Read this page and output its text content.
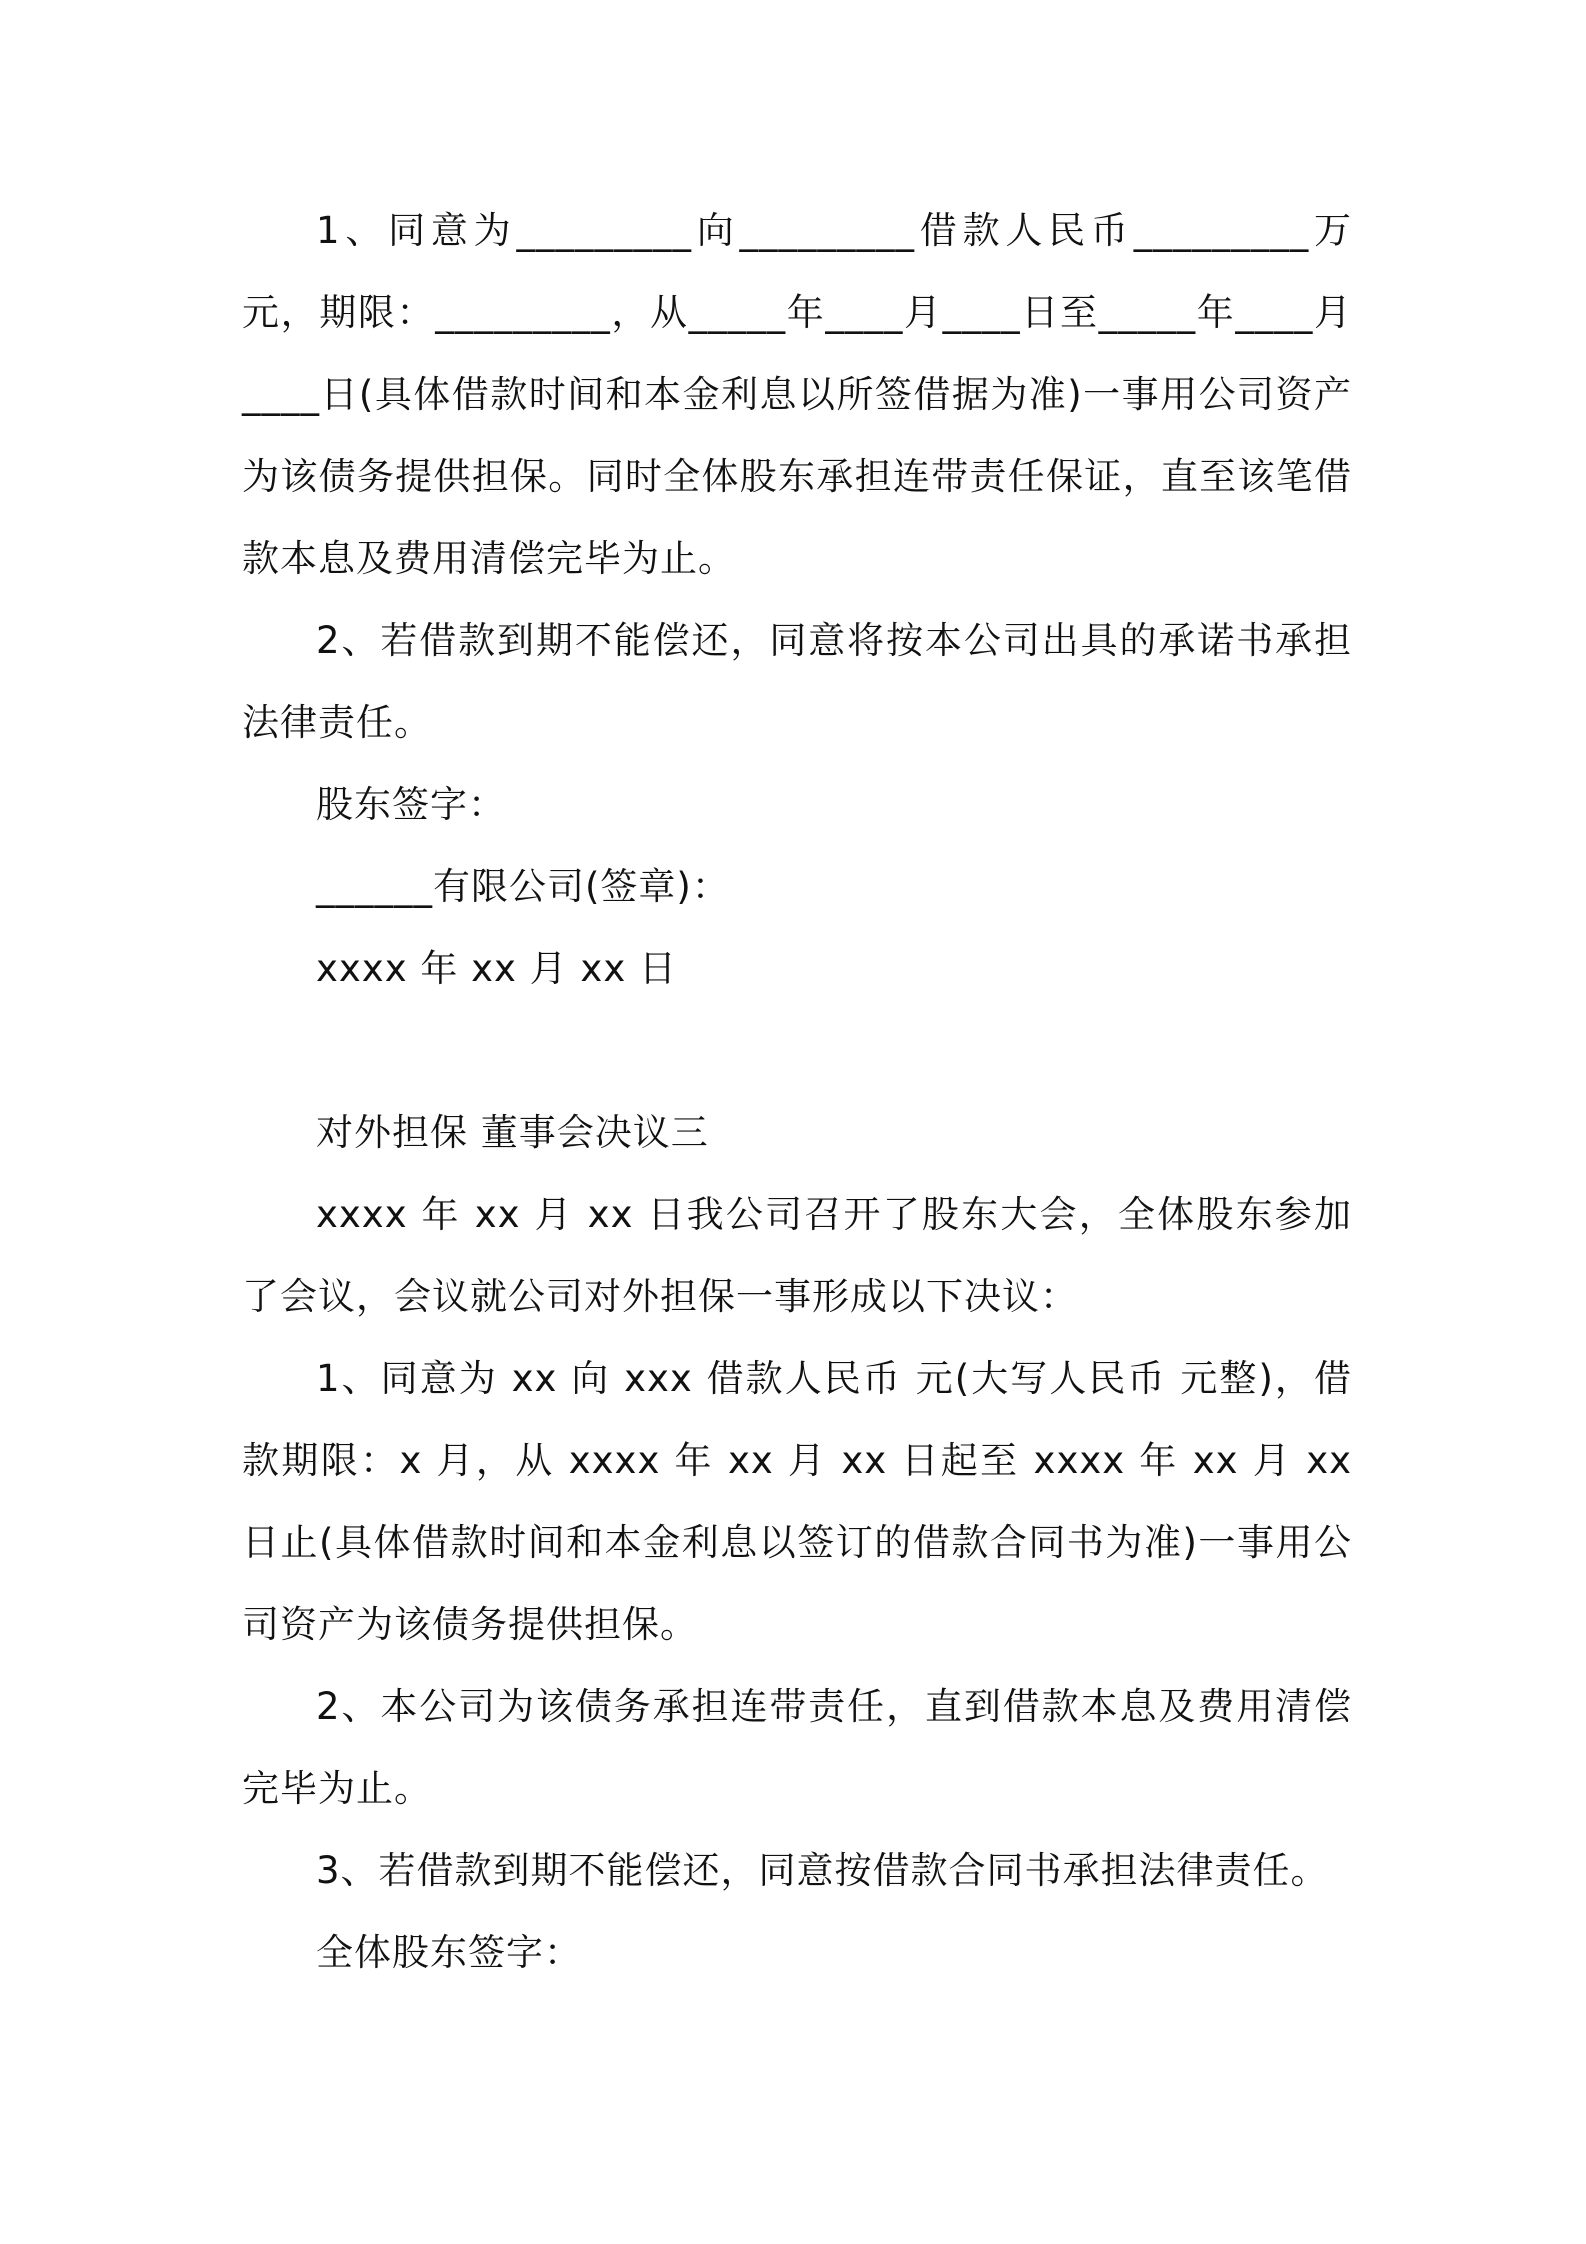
1、同意为_________向_________借款人民币_________万元，期限：_________，从_____年____月____日至_____年____月____日(具体借款时间和本金利息以所签借据为准)一事用公司资产为该债务提供担保。同时全体股东承担连带责任保证，直至该笔借款本息及费用清偿完毕为止。

2、若借款到期不能偿还，同意将按本公司出具的承诺书承担法律责任。

股东签字：

______有限公司(签章)：

xxxx 年 xx 月 xx 日

对外担保 董事会决议三

xxxx 年 xx 月 xx 日我公司召开了股东大会，全体股东参加了会议，会议就公司对外担保一事形成以下决议：

1、同意为 xx 向 xxx 借款人民币 元(大写人民币 元整)，借款期限：x 月，从 xxxx 年 xx 月 xx 日起至 xxxx 年 xx 月 xx 日止(具体借款时间和本金利息以签订的借款合同书为准)一事用公司资产为该债务提供担保。

2、本公司为该债务承担连带责任，直到借款本息及费用清偿完毕为止。

3、若借款到期不能偿还，同意按借款合同书承担法律责任。

全体股东签字：
